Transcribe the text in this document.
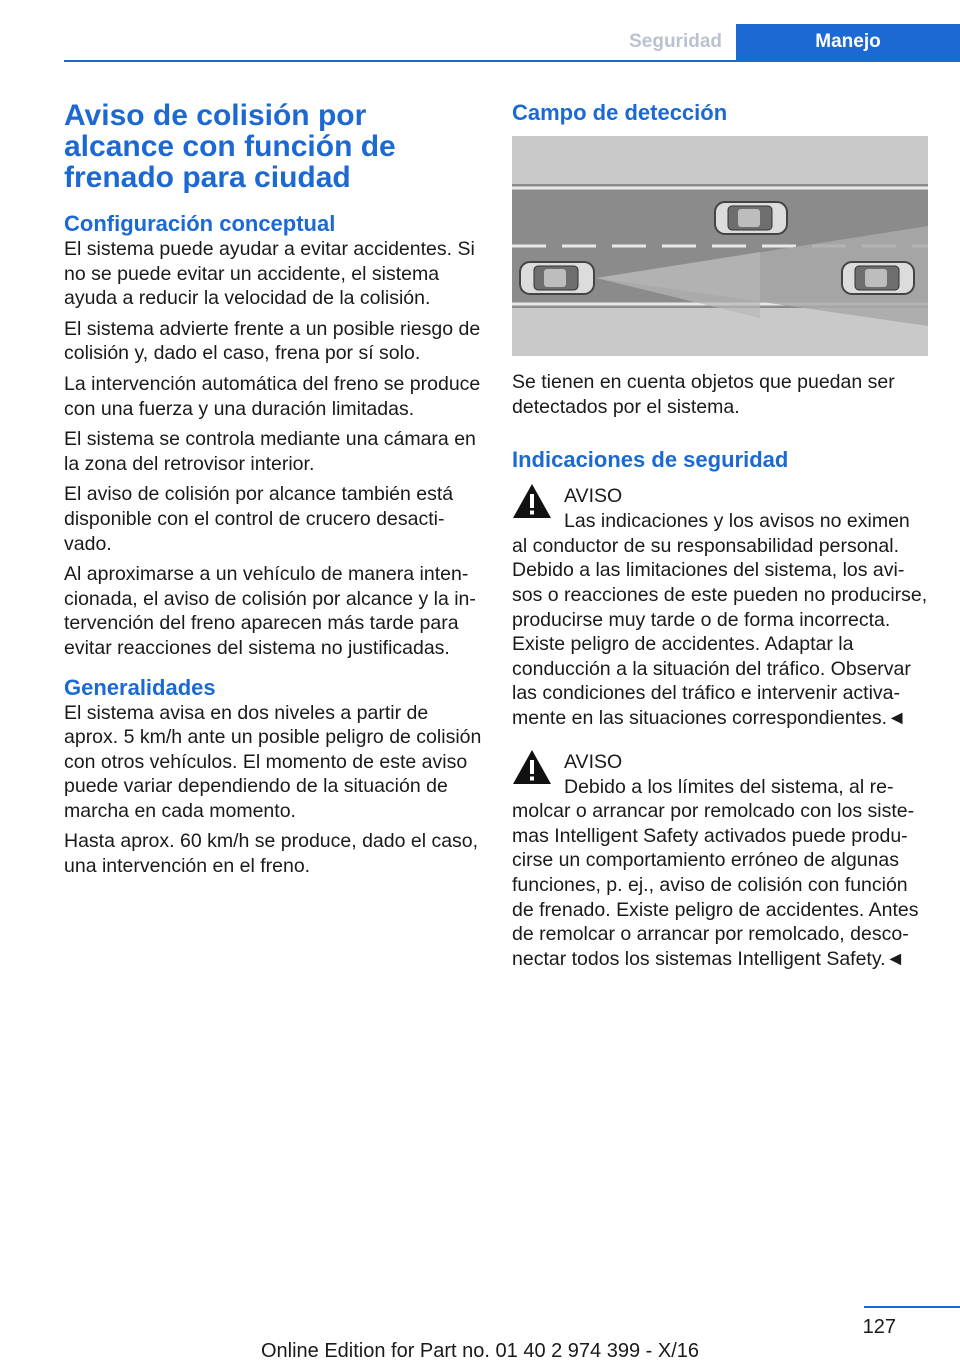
Seguridad	Manejo
Aviso de colisión por alcance con función de frenado para ciudad
Configuración conceptual

El sistema puede ayudar a evitar accidentes. Si no se puede evitar un accidente, el sistema ayuda a reducir la velocidad de la colisión.

El sistema advierte frente a un posible riesgo de colisión y, dado el caso, frena por sí solo.

La intervención automática del freno se produce con una fuerza y una duración limitadas.

El sistema se controla mediante una cámara en la zona del retrovisor interior.

El aviso de colisión por alcance también está disponible con el control de crucero desactivado.

Al aproximarse a un vehículo de manera intencionada, el aviso de colisión por alcance y la intervención del freno aparecen más tarde para evitar reacciones del sistema no justificadas.

Generalidades

El sistema avisa en dos niveles a partir de aprox. 5 km/h ante un posible peligro de colisión con otros vehículos. El momento de este aviso puede variar dependiendo de la situación de marcha en cada momento.

Hasta aprox. 60 km/h se produce, dado el caso, una intervención en el freno.

Campo de detección

Se tienen en cuenta objetos que puedan ser detectados por el sistema.

Indicaciones de seguridad
AVISO

Las indicaciones y los avisos no eximen al conductor de su responsabilidad personal. Debido a las limitaciones del sistema, los avisos o reacciones de este pueden no producirse, producirse muy tarde o de forma incorrecta. Existe peligro de accidentes. Adaptar la conducción a la situación del tráfico. Observar las condiciones del tráfico e intervenir activamente en las situaciones correspondientes.◄

AVISO

Debido a los límites del sistema, al remolcar o arrancar por remolcado con los sistemas Intelligent Safety activados puede producirse un comportamiento erróneo de algunas funciones, p. ej., aviso de colisión con función de frenado. Existe peligro de accidentes. Antes de remolcar o arrancar por remolcado, desconectar todos los sistemas Intelligent Safety.◄

127
Online Edition for Part no. 01 40 2 974 399 - X/16
